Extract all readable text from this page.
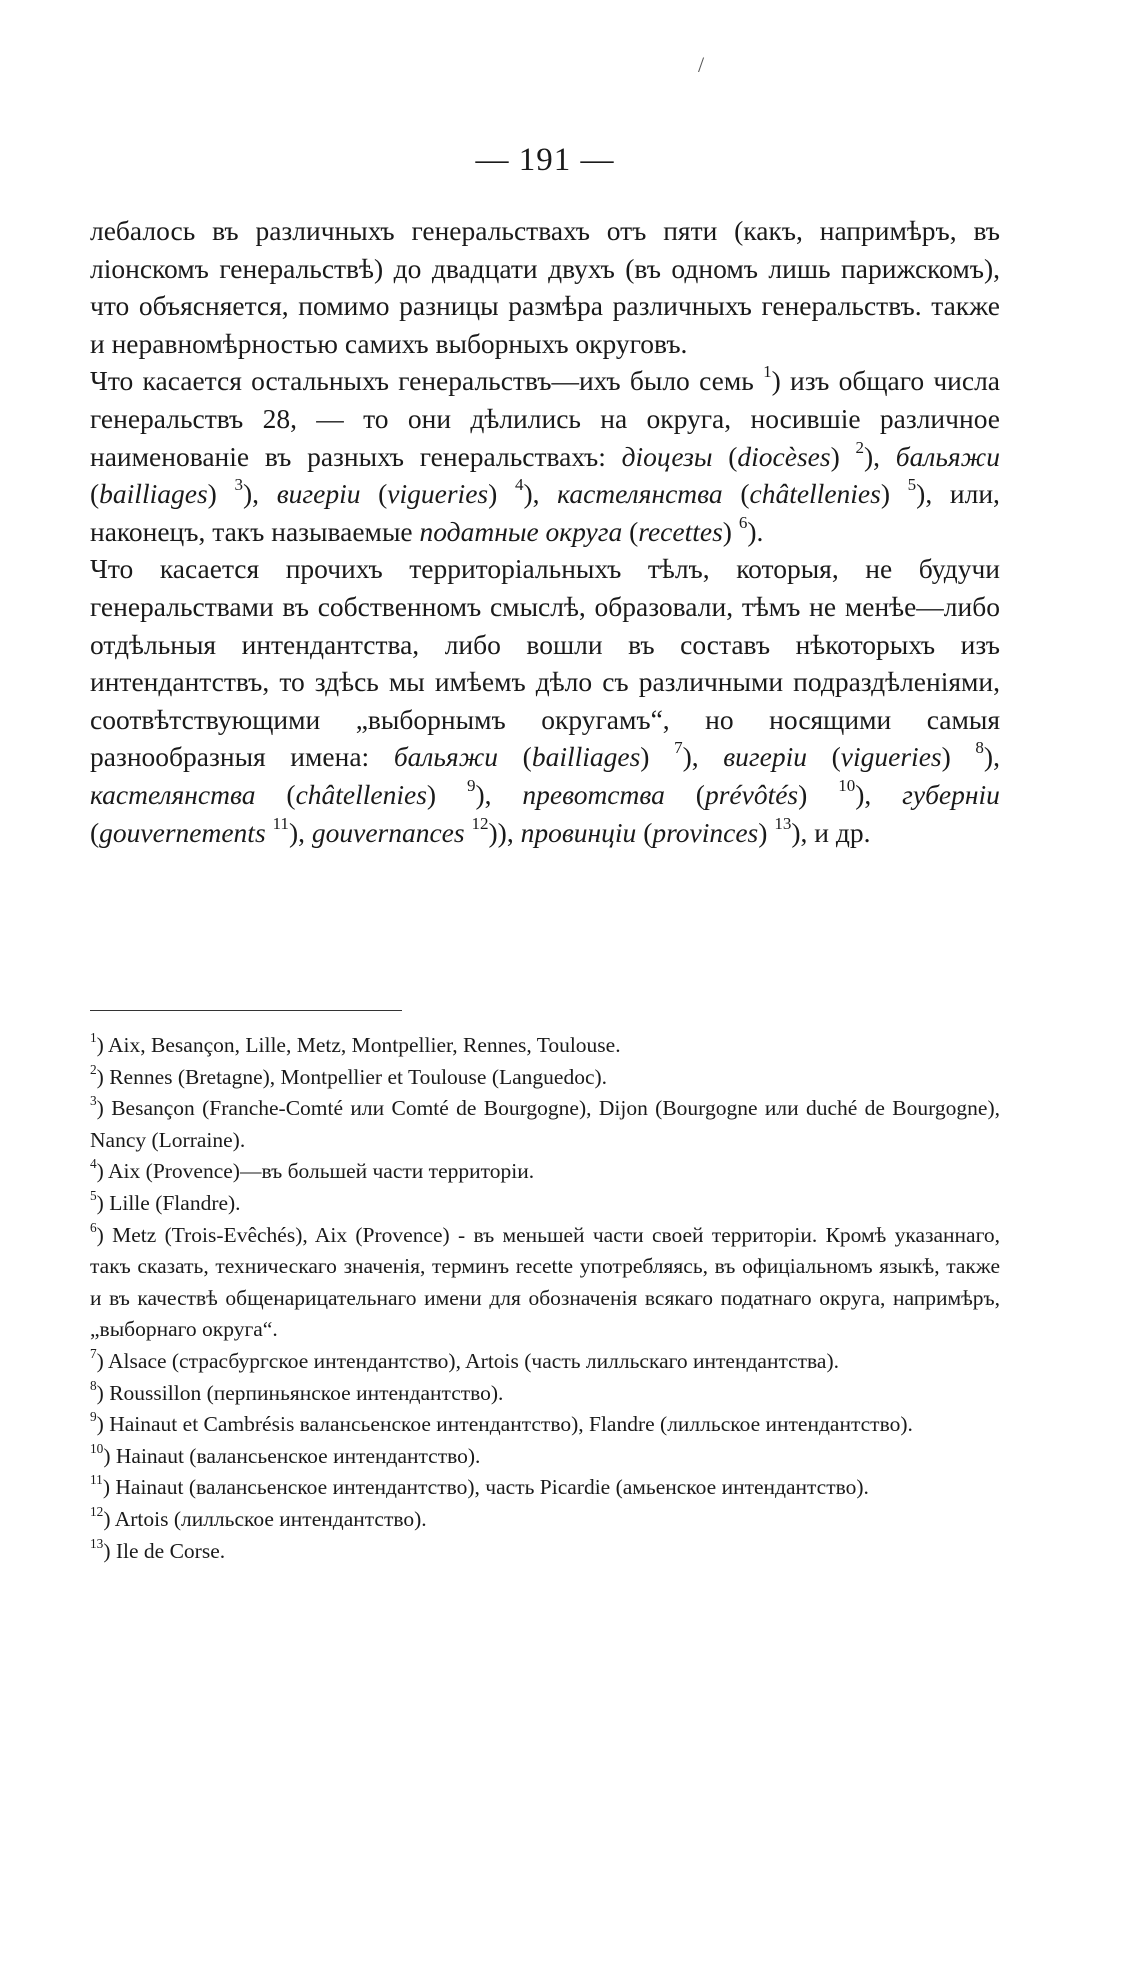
/
— 191 —

лебалось въ различныхъ генеральствахъ отъ пяти (какъ, напримѣръ, въ ліонскомъ генеральствѣ) до двадцати двухъ (въ одномъ лишь парижскомъ), что объясняется, помимо разницы размѣра различныхъ генеральствъ. также и неравномѣрностью самихъ выборныхъ округовъ.

Что касается остальныхъ генеральствъ—ихъ было семь $^1$) изъ общаго числа генеральствъ 28, — то они дѣлились на округа, носившіе различное наименованіе въ разныхъ генеральствахъ: діоцезы (diocèses) $^2$), бальяжи (bailliages) $^3$), вигеріи (vigueries) $^4$), кастелянства (châtellenies) $^5$), или, наконецъ, такъ называемые податные округа (recettes) $^6$).

Что касается прочихъ территоріальныхъ тѣлъ, которыя, не будучи генеральствами въ собственномъ смыслѣ, образовали, тѣмъ не менѣе—либо отдѣльныя интендантства, либо вошли въ составъ нѣкоторыхъ изъ интендантствъ, то здѣсь мы имѣемъ дѣло съ различными подраздѣленіями, соотвѣтствующими „выборнымъ округамъ“, но носящими самыя разнообразныя имена: бальяжи (bailliages) $^7$), вигеріи (vigueries) $^8$), кастелянства (châtellenies) $^9$), превотства (prévôtés) $^{10}$), губерніи (gouvernements $^{11}$), gouvernances $^{12}$)), провинціи (provinces) $^{13}$), и др.

$^1$) Aix, Besançon, Lille, Metz, Montpellier, Rennes, Toulouse.

$^2$) Rennes (Bretagne), Montpellier et Toulouse (Languedoc).

$^3$) Besançon (Franche-Comté или Comté de Bourgogne), Dijon (Bourgogne или duché de Bourgogne), Nancy (Lorraine).

$^4$) Aix (Provence)—въ большей части территоріи.

$^5$) Lille (Flandre).

$^6$) Metz (Trois-Evêchés), Aix (Provence) - въ меньшей части своей территоріи. Кромѣ указаннаго, такъ сказать, техническаго значенія, терминъ recette употребляясь, въ офиціальномъ языкѣ, также и въ качествѣ общенарицательнаго имени для обозначенія всякаго податнаго округа, напримѣръ, „выборнаго округа“.

$^7$) Alsace (страсбургское интендантство), Artois (часть лилльскаго интендантства).

$^8$) Roussillon (перпиньянское интендантство).

$^9$) Hainaut et Cambrésis валансьенское интендантство), Flandre (лилльское интендантство).

$^{10}$) Hainaut (валансьенское интендантство).

$^{11}$) Hainaut (валансьенское интендантство), часть Picardie (амьенское интендантство).

$^{12}$) Artois (лилльское интендантство).

$^{13}$) Ile de Corse.
